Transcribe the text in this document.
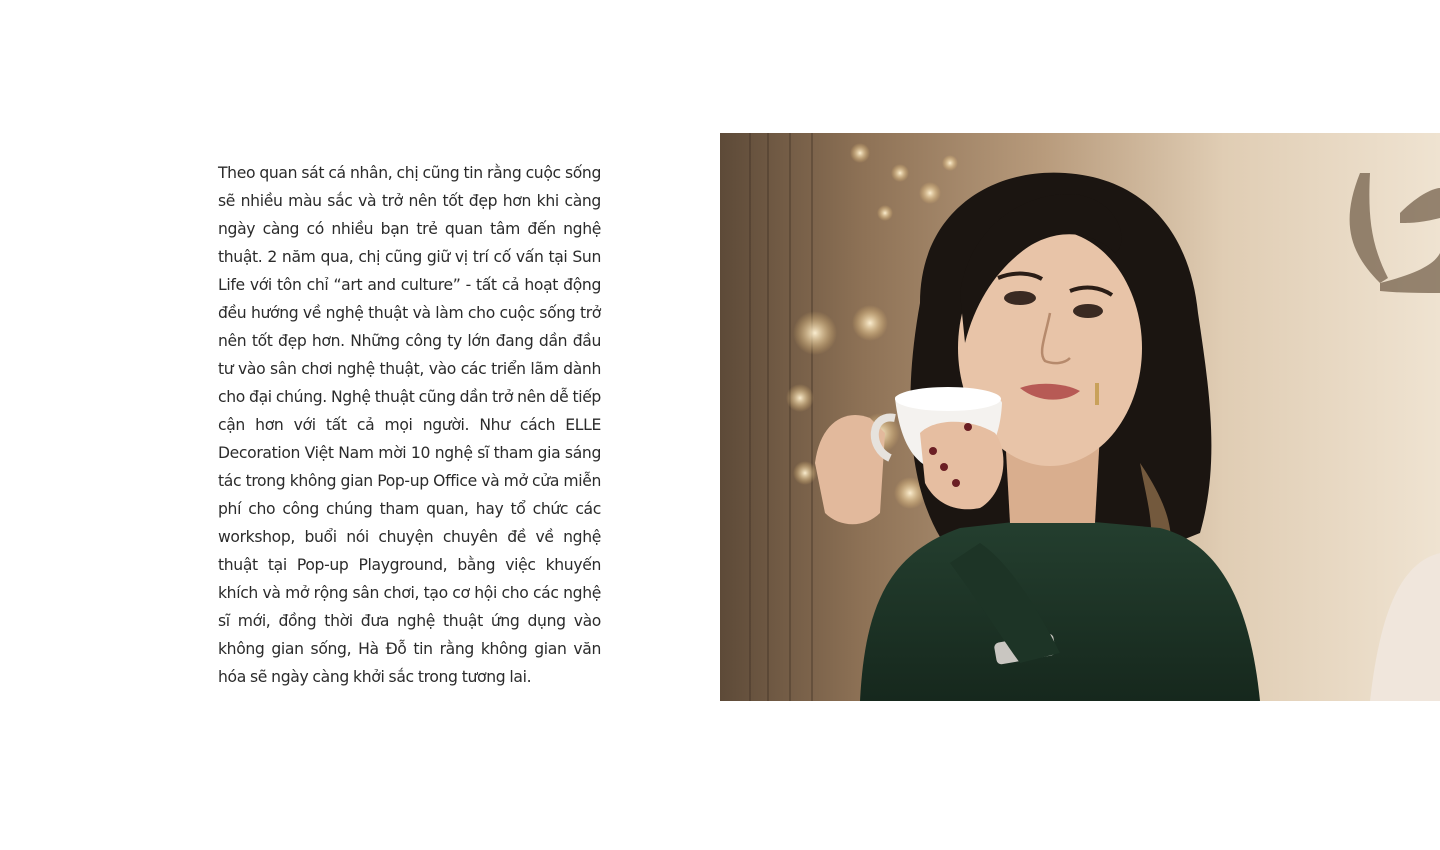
Theo quan sát cá nhân, chị cũng tin rằng cuộc sống sẽ nhiều màu sắc và trở nên tốt đẹp hơn khi càng ngày càng có nhiều bạn trẻ quan tâm đến nghệ thuật. 2 năm qua, chị cũng giữ vị trí cố vấn tại Sun Life với tôn chỉ “art and culture” - tất cả hoạt động đều hướng về nghệ thuật và làm cho cuộc sống trở nên tốt đẹp hơn. Những công ty lớn đang dần đầu tư vào sân chơi nghệ thuật, vào các triển lãm dành cho đại chúng. Nghệ thuật cũng dần trở nên dễ tiếp cận hơn với tất cả mọi người. Như cách ELLE Decoration Việt Nam mời 10 nghệ sĩ tham gia sáng tác trong không gian Pop-up Office và mở cửa miễn phí cho công chúng tham quan, hay tổ chức các workshop, buổi nói chuyện chuyên đề về nghệ thuật tại Pop-up Playground, bằng việc khuyến khích và mở rộng sân chơi, tạo cơ hội cho các nghệ sĩ mới, đồng thời đưa nghệ thuật ứng dụng vào không gian sống, Hà Đỗ tin rằng không gian văn hóa sẽ ngày càng khởi sắc trong tương lai.
